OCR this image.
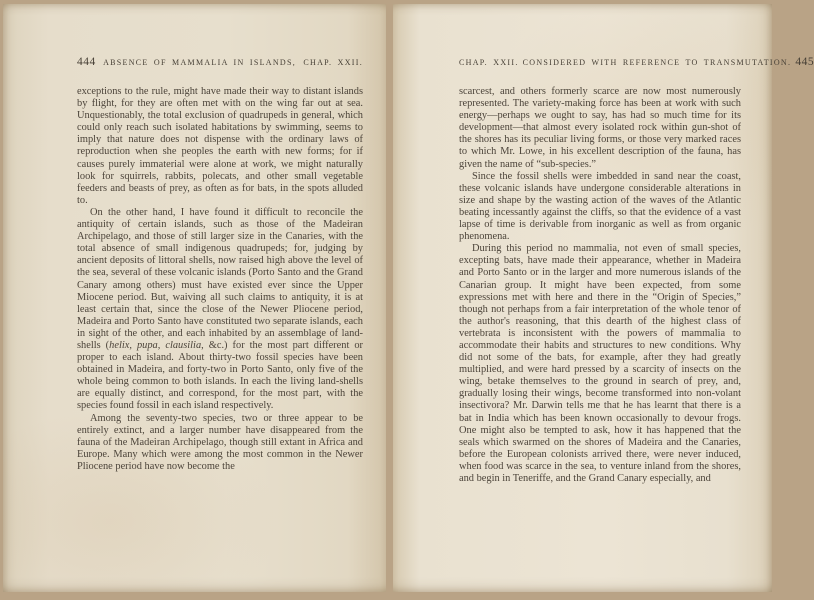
444 ABSENCE OF MAMMALIA IN ISLANDS, CHAP. XXII.

exceptions to the rule, might have made their way to distant islands by flight, for they are often met with on the wing far out at sea. Unquestionably, the total exclusion of quadrupeds in general, which could only reach such isolated habitations by swimming, seems to imply that nature does not dispense with the ordinary laws of reproduction when she peoples the earth with new forms; for if causes purely immaterial were alone at work, we might naturally look for squirrels, rabbits, polecats, and other small vegetable feeders and beasts of prey, as often as for bats, in the spots alluded to.

On the other hand, I have found it difficult to reconcile the antiquity of certain islands, such as those of the Madeiran Archipelago, and those of still larger size in the Canaries, with the total absence of small indigenous quadrupeds; for, judging by ancient deposits of littoral shells, now raised high above the level of the sea, several of these volcanic islands (Porto Santo and the Grand Canary among others) must have existed ever since the Upper Miocene period. But, waiving all such claims to antiquity, it is at least certain that, since the close of the Newer Pliocene period, Madeira and Porto Santo have constituted two separate islands, each in sight of the other, and each inhabited by an assemblage of land-shells (helix, pupa, clausilia, &c.) for the most part different or proper to each island. About thirty-two fossil species have been obtained in Madeira, and forty-two in Porto Santo, only five of the whole being common to both islands. In each the living land-shells are equally distinct, and correspond, for the most part, with the species found fossil in each island respectively.

Among the seventy-two species, two or three appear to be entirely extinct, and a larger number have disappeared from the fauna of the Madeiran Archipelago, though still extant in Africa and Europe. Many which were among the most common in the Newer Pliocene period have now become the

CHAP. XXII. CONSIDERED WITH REFERENCE TO TRANSMUTATION. 445

scarcest, and others formerly scarce are now most numerously represented. The variety-making force has been at work with such energy—perhaps we ought to say, has had so much time for its development—that almost every isolated rock within gun-shot of the shores has its peculiar living forms, or those very marked races to which Mr. Lowe, in his excellent description of the fauna, has given the name of “sub-species.”

Since the fossil shells were imbedded in sand near the coast, these volcanic islands have undergone considerable alterations in size and shape by the wasting action of the waves of the Atlantic beating incessantly against the cliffs, so that the evidence of a vast lapse of time is derivable from inorganic as well as from organic phenomena.

During this period no mammalia, not even of small species, excepting bats, have made their appearance, whether in Madeira and Porto Santo or in the larger and more numerous islands of the Canarian group. It might have been expected, from some expressions met with here and there in the “Origin of Species,” though not perhaps from a fair interpretation of the whole tenor of the author's reasoning, that this dearth of the highest class of vertebrata is inconsistent with the powers of mammalia to accommodate their habits and structures to new conditions. Why did not some of the bats, for example, after they had greatly multiplied, and were hard pressed by a scarcity of insects on the wing, betake themselves to the ground in search of prey, and, gradually losing their wings, become transformed into non-volant insectivora? Mr. Darwin tells me that he has learnt that there is a bat in India which has been known occasionally to devour frogs. One might also be tempted to ask, how it has happened that the seals which swarmed on the shores of Madeira and the Canaries, before the European colonists arrived there, were never induced, when food was scarce in the sea, to venture inland from the shores, and begin in Teneriffe, and the Grand Canary especially, and
